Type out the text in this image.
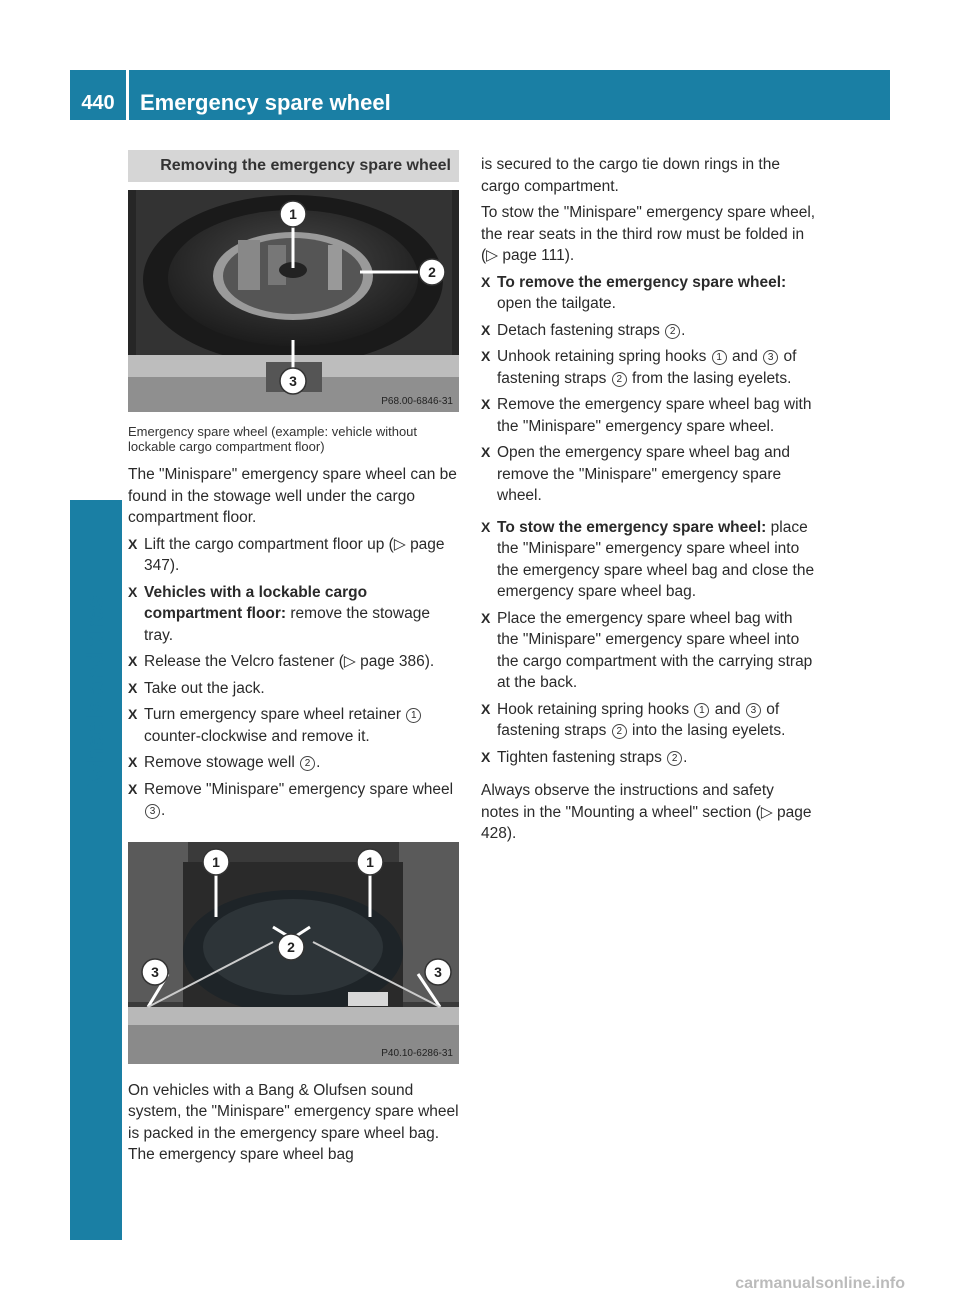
440	Emergency spare wheel
Wheels and tires
Removing the emergency spare wheel
1
2
3
P68.00-6846-31
Emergency spare wheel (example: vehicle without lockable cargo compartment floor)

The "Minispare" emergency spare wheel can be found in the stowage well under the cargo compartment floor.

X Lift the cargo compartment floor up (▷ page 347).
X Vehicles with a lockable cargo compartment floor: remove the stowage tray.
X Release the Velcro fastener (▷ page 386).
X Take out the jack.
X Turn emergency spare wheel retainer 1 counter-clockwise and remove it.
X Remove stowage well 2 .
X Remove "Minispare" emergency spare wheel 3 .
1	1
2
3	3
P40.10-6286-31

On vehicles with a Bang & Olufsen sound system, the "Minispare" emergency spare wheel is packed in the emergency spare wheel bag. The emergency spare wheel bag

is secured to the cargo tie down rings in the cargo compartment.

To stow the "Minispare" emergency spare wheel, the rear seats in the third row must be folded in (▷ page 111).

X To remove the emergency spare wheel: open the tailgate.
X Detach fastening straps 2 .
X Unhook retaining spring hooks 1 and 3 of fastening straps 2 from the lasing eyelets.
X Remove the emergency spare wheel bag with the "Minispare" emergency spare wheel.
X Open the emergency spare wheel bag and remove the "Minispare" emergency spare wheel.
X To stow the emergency spare wheel: place the "Minispare" emergency spare wheel into the emergency spare wheel bag and close the emergency spare wheel bag.
X Place the emergency spare wheel bag with the "Minispare" emergency spare wheel into the cargo compartment with the carrying strap at the back.
X Hook retaining spring hooks 1 and 3 of fastening straps 2 into the lasing eyelets.
X Tighten fastening straps 2 .

Always observe the instructions and safety notes in the "Mounting a wheel" section (▷ page 428).

carmanualsonline.info
